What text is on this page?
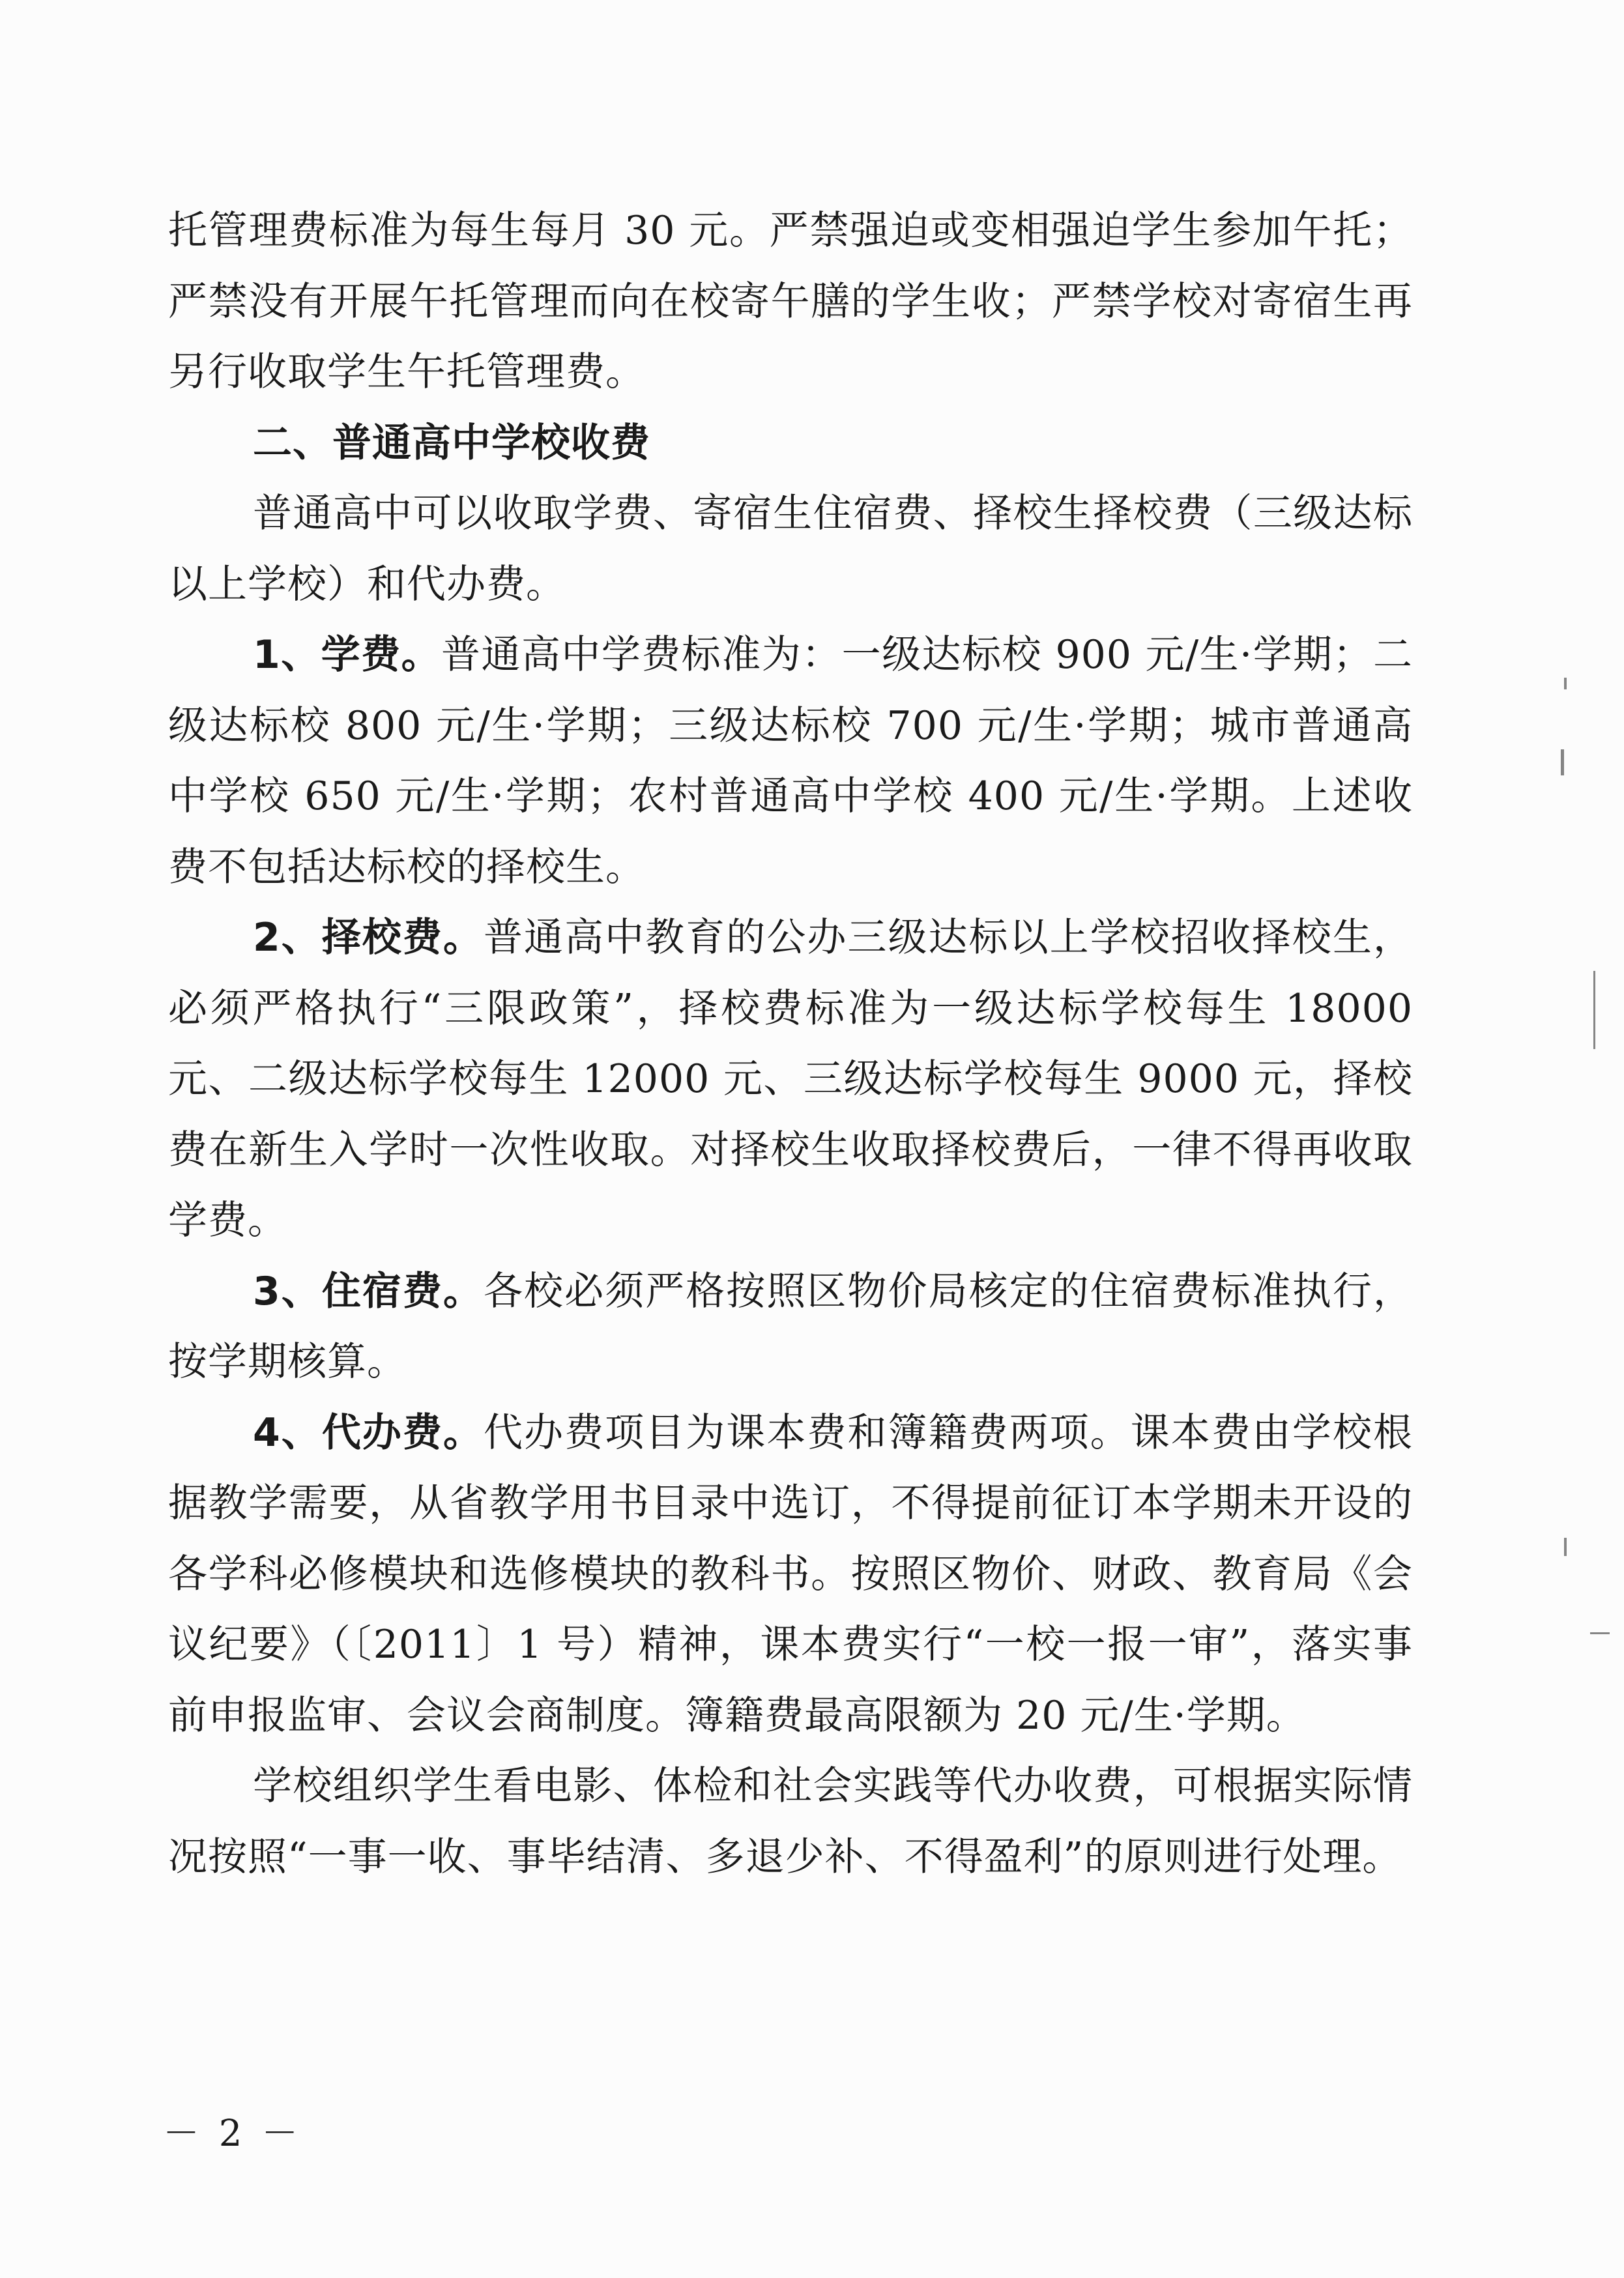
托管理费标准为每生每月 30 元。严禁强迫或变相强迫学生参加午托；严禁没有开展午托管理而向在校寄午膳的学生收；严禁学校对寄宿生再另行收取学生午托管理费。

二、普通高中学校收费

普通高中可以收取学费、寄宿生住宿费、择校生择校费（三级达标以上学校）和代办费。

1、学费。普通高中学费标准为：一级达标校 900 元/生·学期；二级达标校 800 元/生·学期；三级达标校 700 元/生·学期；城市普通高中学校 650 元/生·学期；农村普通高中学校 400 元/生·学期。上述收费不包括达标校的择校生。

2、择校费。普通高中教育的公办三级达标以上学校招收择校生，必须严格执行“三限政策”，择校费标准为一级达标学校每生 18000 元、二级达标学校每生 12000 元、三级达标学校每生 9000 元，择校费在新生入学时一次性收取。对择校生收取择校费后，一律不得再收取学费。

3、住宿费。各校必须严格按照区物价局核定的住宿费标准执行，按学期核算。

4、代办费。代办费项目为课本费和簿籍费两项。课本费由学校根据教学需要，从省教学用书目录中选订，不得提前征订本学期未开设的各学科必修模块和选修模块的教科书。按照区物价、财政、教育局《会议纪要》（〔2011〕1 号）精神，课本费实行“一校一报一审”，落实事前申报监审、会议会商制度。簿籍费最高限额为 20 元/生·学期。

学校组织学生看电影、体检和社会实践等代办收费，可根据实际情况按照“一事一收、事毕结清、多退少补、不得盈利”的原则进行处理。

－ 2 －
